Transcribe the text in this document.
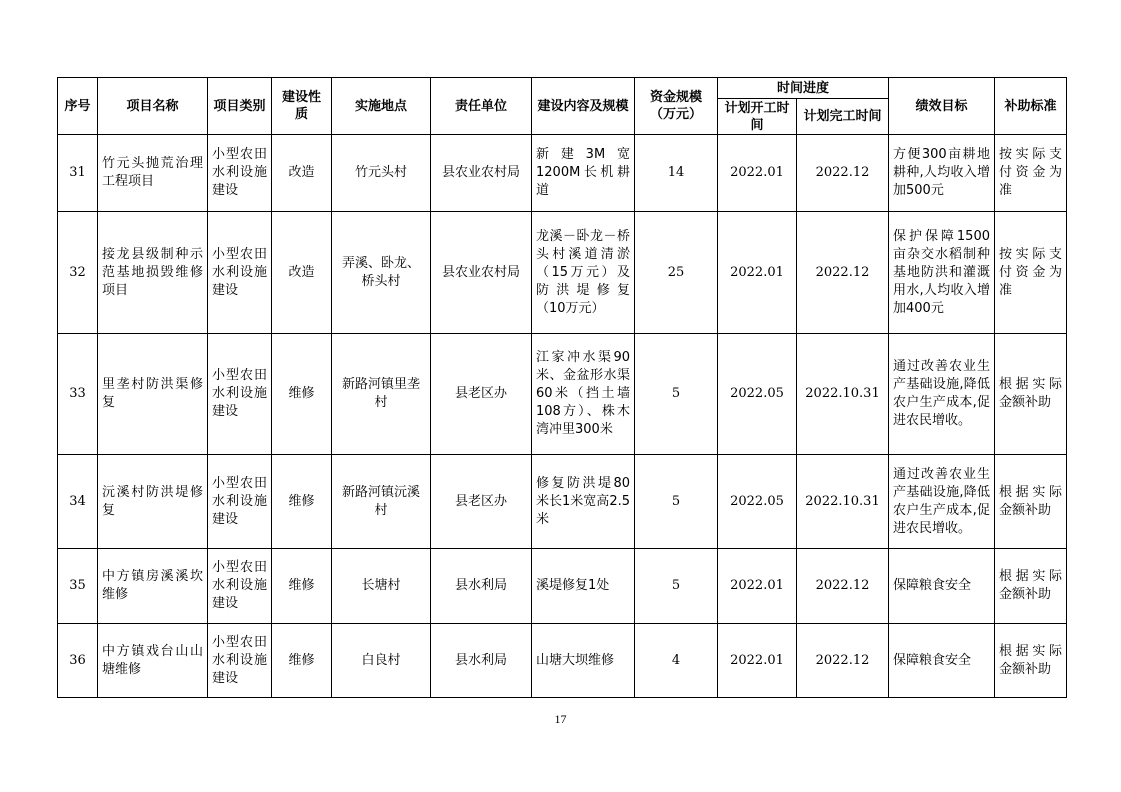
序号	项目名称	项目类别	建设性质	实施地点	责任单位	建设内容及规模	资金规模（万元）	时间进度		绩效目标	补助标准
								计划开工时间	计划完工时间		
31	竹元头抛荒治理工程项目	小型农田水利设施建设	改造	竹元头村	县农业农村局	新建3M宽1200M长机耕道	14	2022.01	2022.12	方便300亩耕地耕种,人均收入增加500元	按实际支付资金为准
32	接龙县级制种示范基地损毁维修项目	小型农田水利设施建设	改造	弄溪、卧龙、桥头村	县农业农村局	龙溪－卧龙－桥头村溪道清淤（15万元）及防洪堤修复（10万元）	25	2022.01	2022.12	保护保障1500亩杂交水稻制种基地防洪和灌溉用水,人均收入增加400元	按实际支付资金为准
33	里垄村防洪渠修复	小型农田水利设施建设	维修	新路河镇里垄村	县老区办	江家冲水渠90米、金盆形水渠60米（挡土墙108方）、株木湾冲里300米	5	2022.05	2022.10.31	通过改善农业生产基础设施,降低农户生产成本,促进农民增收。	根据实际金额补助
34	沅溪村防洪堤修复	小型农田水利设施建设	维修	新路河镇沅溪村	县老区办	修复防洪堤80米长1米宽高2.5米	5	2022.05	2022.10.31	通过改善农业生产基础设施,降低农户生产成本,促进农民增收。	根据实际金额补助
35	中方镇房溪溪坎维修	小型农田水利设施建设	维修	长塘村	县水利局	溪堤修复1处	5	2022.01	2022.12	保障粮食安全	根据实际金额补助
36	中方镇戏台山山塘维修	小型农田水利设施建设	维修	白良村	县水利局	山塘大坝维修	4	2022.01	2022.12	保障粮食安全	根据实际金额补助
17
